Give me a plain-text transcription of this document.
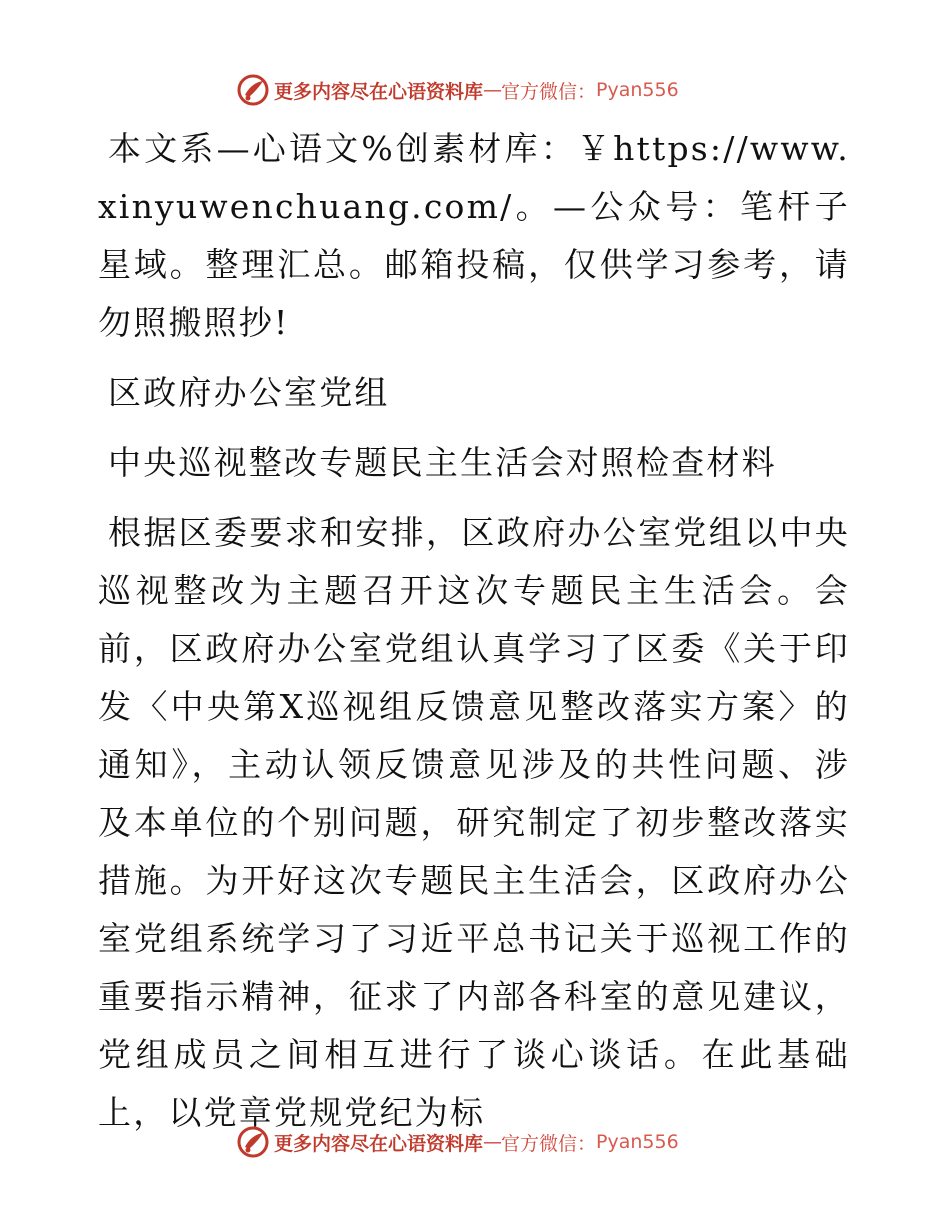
更多内容尽在心语资料库 — 官方微信： Pyan556

本文系—心语文%创素材库：￥https://www.xinyuwenchuang.com/。—公众号：笔杆子星域。整理汇总。邮箱投稿，仅供学习参考，请勿照搬照抄!

区政府办公室党组

中央巡视整改专题民主生活会对照检查材料

根据区委要求和安排，区政府办公室党组以中央巡视整改为主题召开这次专题民主生活会。会前，区政府办公室党组认真学习了区委《关于印发〈中央第X巡视组反馈意见整改落实方案〉的通知》，主动认领反馈意见涉及的共性问题、涉及本单位的个别问题，研究制定了初步整改落实措施。为开好这次专题民主生活会，区政府办公室党组系统学习了习近平总书记关于巡视工作的重要指示精神，征求了内部各科室的意见建议，党组成员之间相互进行了谈心谈话。在此基础上，以党章党规党纪为标

更多内容尽在心语资料库 — 官方微信： Pyan556
